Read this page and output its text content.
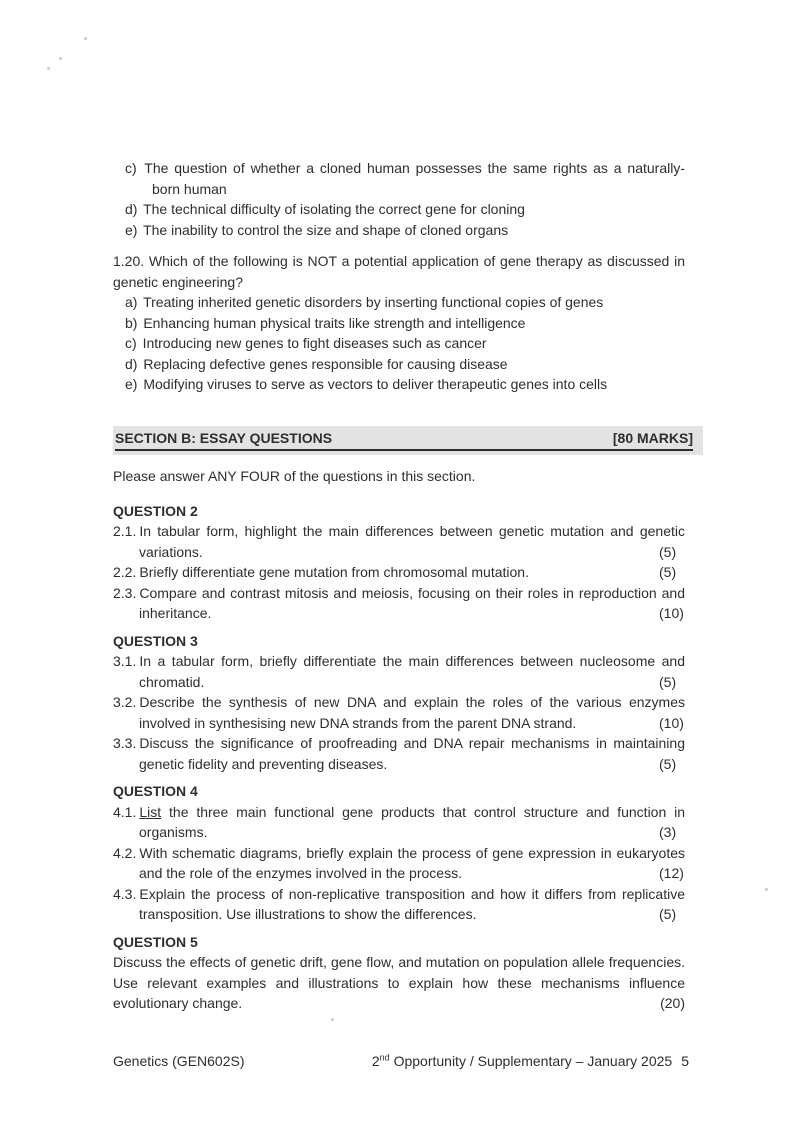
c) The question of whether a cloned human possesses the same rights as a naturally-born human
d) The technical difficulty of isolating the correct gene for cloning
e) The inability to control the size and shape of cloned organs
1.20. Which of the following is NOT a potential application of gene therapy as discussed in genetic engineering?
a) Treating inherited genetic disorders by inserting functional copies of genes
b) Enhancing human physical traits like strength and intelligence
c) Introducing new genes to fight diseases such as cancer
d) Replacing defective genes responsible for causing disease
e) Modifying viruses to serve as vectors to deliver therapeutic genes into cells
SECTION B: ESSAY QUESTIONS	[80 MARKS]
Please answer ANY FOUR of the questions in this section.
QUESTION 2
2.1. In tabular form, highlight the main differences between genetic mutation and genetic variations.	(5)
2.2. Briefly differentiate gene mutation from chromosomal mutation.	(5)
2.3. Compare and contrast mitosis and meiosis, focusing on their roles in reproduction and inheritance.	(10)
QUESTION 3
3.1. In a tabular form, briefly differentiate the main differences between nucleosome and chromatid.	(5)
3.2. Describe the synthesis of new DNA and explain the roles of the various enzymes involved in synthesising new DNA strands from the parent DNA strand.	(10)
3.3. Discuss the significance of proofreading and DNA repair mechanisms in maintaining genetic fidelity and preventing diseases.	(5)
QUESTION 4
4.1. List the three main functional gene products that control structure and function in organisms.	(3)
4.2. With schematic diagrams, briefly explain the process of gene expression in eukaryotes and the role of the enzymes involved in the process.	(12)
4.3. Explain the process of non-replicative transposition and how it differs from replicative transposition. Use illustrations to show the differences.	(5)
QUESTION 5
Discuss the effects of genetic drift, gene flow, and mutation on population allele frequencies. Use relevant examples and illustrations to explain how these mechanisms influence evolutionary change.	(20)
Genetics (GEN602S)	2nd Opportunity / Supplementary – January 2025 5
